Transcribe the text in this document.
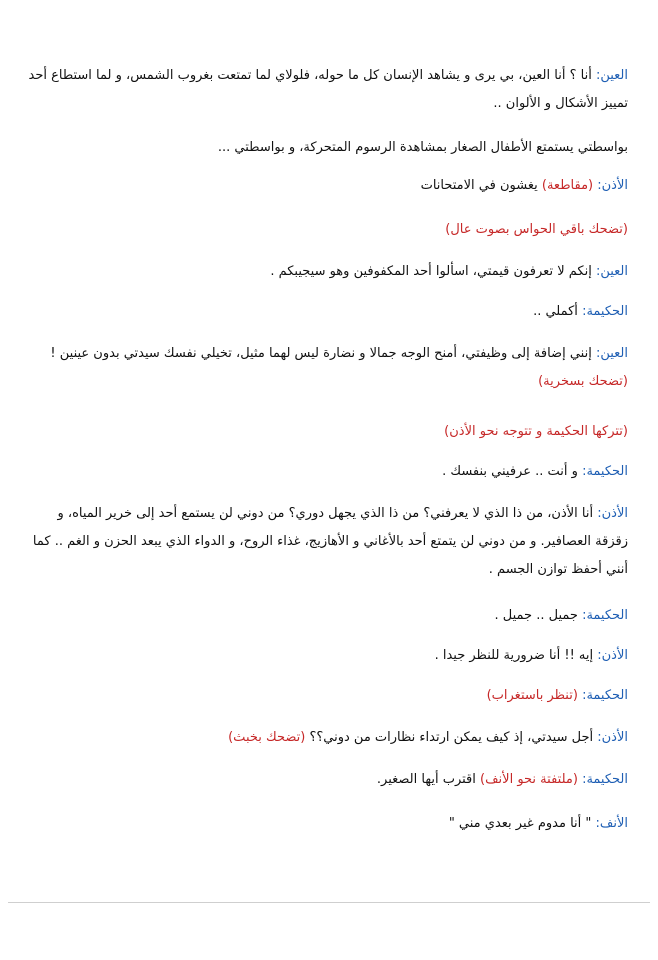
العين: أنا ؟ أنا العين، بي يرى و يشاهد الإنسان كل ما حوله، فلولاي لما تمتعت بغروب الشمس، و لما استطاع أحد تمييز الأشكال و الألوان ..
بواسطتي يستمتع الأطفال الصغار بمشاهدة الرسوم المتحركة، و بواسطتي ...
الأذن: (مقاطعة) يغشون في الامتحانات
(تضحك باقي الحواس بصوت عال)
العين: إنكم لا تعرفون قيمتي، اسألوا أحد المكفوفين وهو سيجيبكم .
الحكيمة: أكملي ..
العين: إنني إضافة إلى وظيفتي، أمنح الوجه جمالا و نضارة ليس لهما مثيل، تخيلي نفسك سيدتي بدون عينين ! (تضحك بسخرية)
(تتركها الحكيمة و تتوجه نحو الأذن)
الحكيمة: و أنت .. عرفيني بنفسك .
الأذن: أنا الأذن، من ذا الذي لا يعرفني؟ من ذا الذي يجهل دوري؟ من دوني لن يستمع أحد إلى خرير المياه، و زقزقة العصافير. و من دوني لن يتمتع أحد بالأغاني و الأهازيج، غذاء الروح، و الدواء الذي يبعد الحزن و الغم .. كما أنني أحفظ توازن الجسم .
الحكيمة: جميل .. جميل .
الأذن: إيه !! أنا ضرورية للنظر جيدا .
الحكيمة: (تنظر باستغراب)
الأذن: أجل سيدتي، إذ كيف يمكن ارتداء نظارات من دوني؟؟ (تضحك بخبث)
الحكيمة: (ملتفتة نحو الأنف) اقترب أيها الصغير.
الأنف: " أنا مدوم غير بعدي مني "
